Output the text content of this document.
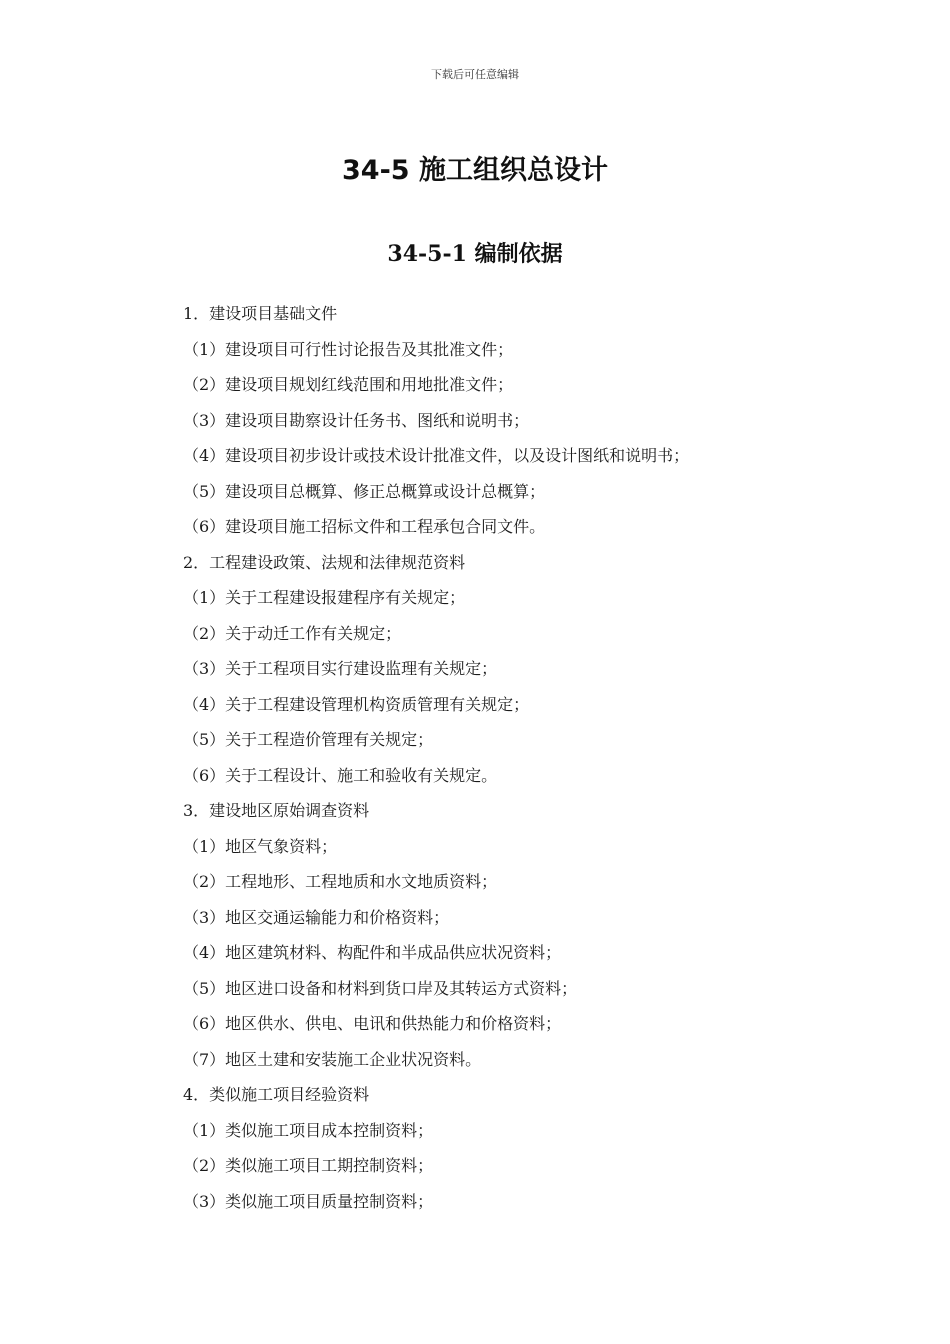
下载后可任意编辑
34-5 施工组织总设计
34-5-1 编制依据
1．建设项目基础文件
（1）建设项目可行性讨论报告及其批准文件；
（2）建设项目规划红线范围和用地批准文件；
（3）建设项目勘察设计任务书、图纸和说明书；
（4）建设项目初步设计或技术设计批准文件，以及设计图纸和说明书；
（5）建设项目总概算、修正总概算或设计总概算；
（6）建设项目施工招标文件和工程承包合同文件。
2．工程建设政策、法规和法律规范资料
（1）关于工程建设报建程序有关规定；
（2）关于动迁工作有关规定；
（3）关于工程项目实行建设监理有关规定；
（4）关于工程建设管理机构资质管理有关规定；
（5）关于工程造价管理有关规定；
（6）关于工程设计、施工和验收有关规定。
3．建设地区原始调查资料
（1）地区气象资料；
（2）工程地形、工程地质和水文地质资料；
（3）地区交通运输能力和价格资料；
（4）地区建筑材料、构配件和半成品供应状况资料；
（5）地区进口设备和材料到货口岸及其转运方式资料；
（6）地区供水、供电、电讯和供热能力和价格资料；
（7）地区土建和安装施工企业状况资料。
4．类似施工项目经验资料
（1）类似施工项目成本控制资料；
（2）类似施工项目工期控制资料；
（3）类似施工项目质量控制资料；
